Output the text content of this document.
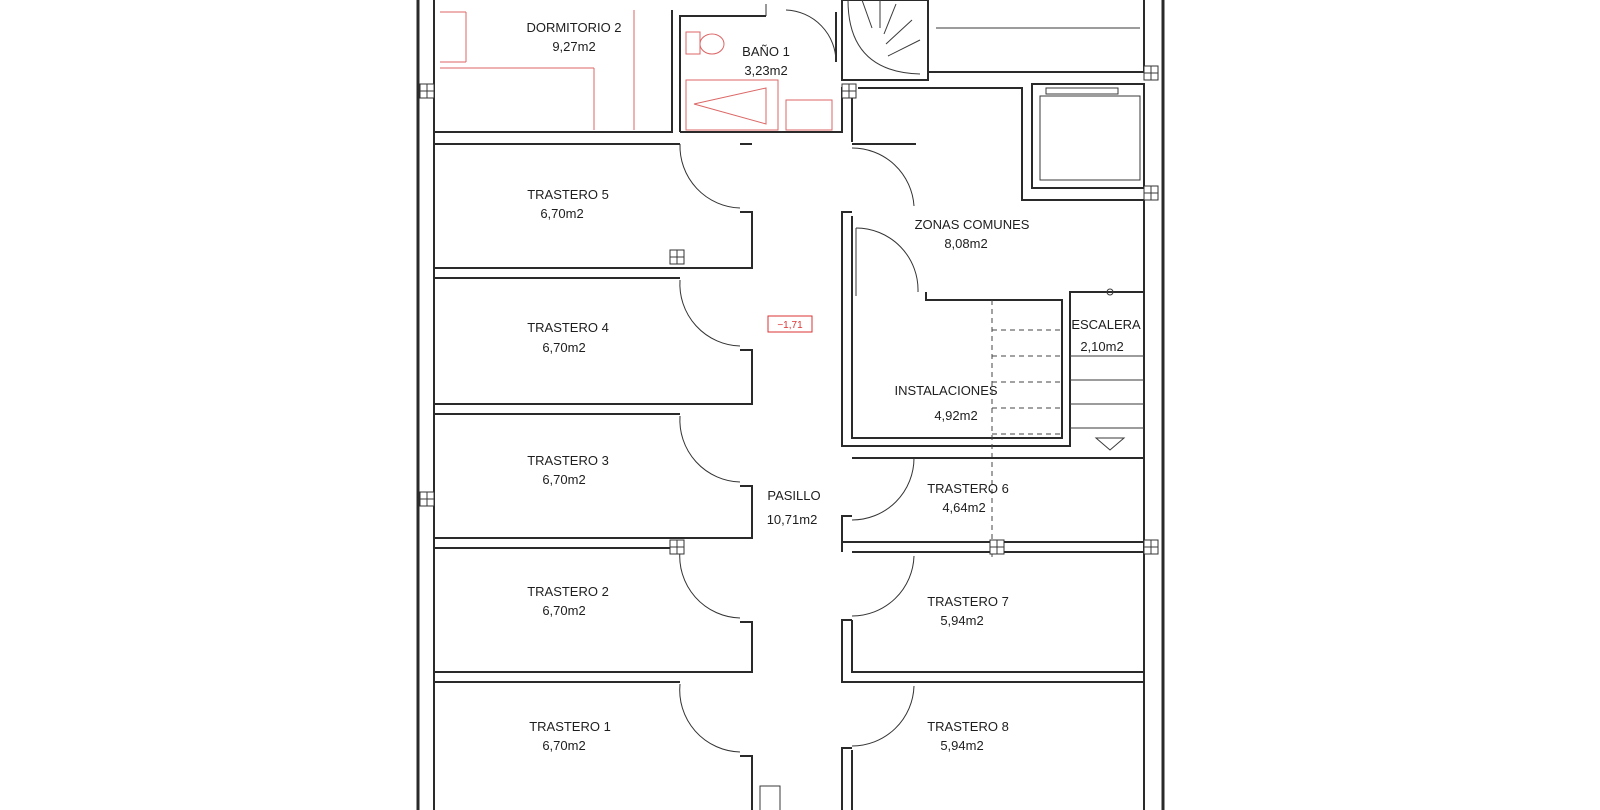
−1,71
DORMITORIO 2
9,27m2	BAÑO 1
3,23m2
TRASTERO 5
6,70m2
TRASTERO 4
6,70m2
TRASTERO 3
6,70m2
TRASTERO 2
6,70m2
TRASTERO 1
6,70m2
ZONAS COMUNES
8,08m2
ESCALERA
2,10m2
INSTALACIONES
4,92m2
PASILLO
10,71m2
TRASTERO 6
4,64m2
TRASTERO 7
5,94m2
TRASTERO 8
5,94m2
